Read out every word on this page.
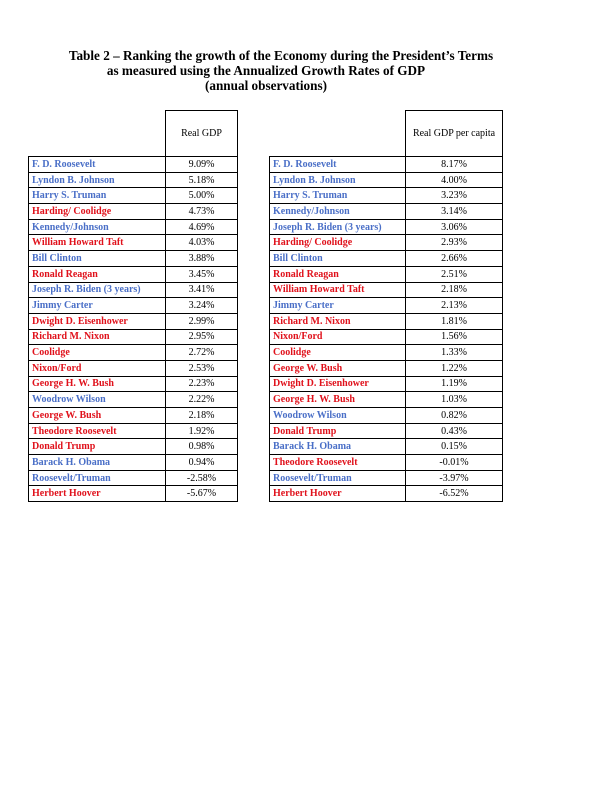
Table 2 – Ranking the growth of the Economy during the President’s Terms
as measured using the Annualized Growth Rates of GDP
(annual observations)
	Real GDP
F. D. Roosevelt	9.09%
Lyndon B. Johnson	5.18%
Harry S. Truman	5.00%
Harding/ Coolidge	4.73%
Kennedy/Johnson	4.69%
William Howard Taft	4.03%
Bill Clinton	3.88%
Ronald Reagan	3.45%
Joseph R. Biden (3 years)	3.41%
Jimmy Carter	3.24%
Dwight D. Eisenhower	2.99%
Richard M. Nixon	2.95%
Coolidge	2.72%
Nixon/Ford	2.53%
George H. W. Bush	2.23%
Woodrow Wilson	2.22%
George W. Bush	2.18%
Theodore Roosevelt	1.92%
Donald Trump	0.98%
Barack H. Obama	0.94%
Roosevelt/Truman	-2.58%
Herbert Hoover	-5.67%
	Real GDP per capita
F. D. Roosevelt	8.17%
Lyndon B. Johnson	4.00%
Harry S. Truman	3.23%
Kennedy/Johnson	3.14%
Joseph R. Biden (3 years)	3.06%
Harding/ Coolidge	2.93%
Bill Clinton	2.66%
Ronald Reagan	2.51%
William Howard Taft	2.18%
Jimmy Carter	2.13%
Richard M. Nixon	1.81%
Nixon/Ford	1.56%
Coolidge	1.33%
George W. Bush	1.22%
Dwight D. Eisenhower	1.19%
George H. W. Bush	1.03%
Woodrow Wilson	0.82%
Donald Trump	0.43%
Barack H. Obama	0.15%
Theodore Roosevelt	-0.01%
Roosevelt/Truman	-3.97%
Herbert Hoover	-6.52%
